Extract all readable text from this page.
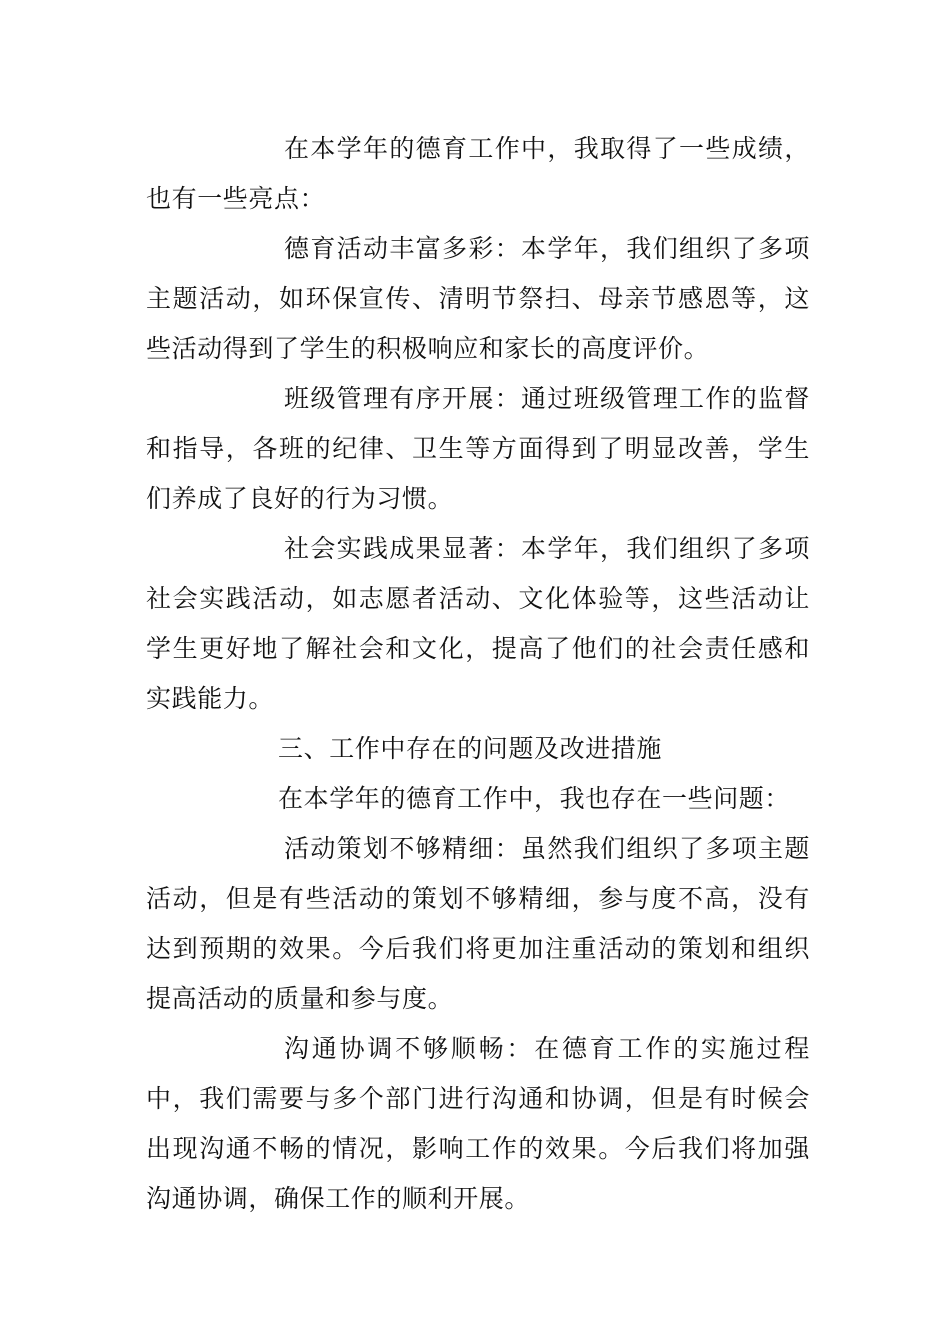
在本学年的德育工作中，我取得了一些成绩，也有一些亮点：

德育活动丰富多彩：本学年，我们组织了多项主题活动，如环保宣传、清明节祭扫、母亲节感恩等，这些活动得到了学生的积极响应和家长的高度评价。

班级管理有序开展：通过班级管理工作的监督和指导，各班的纪律、卫生等方面得到了明显改善，学生们养成了良好的行为习惯。

社会实践成果显著：本学年，我们组织了多项社会实践活动，如志愿者活动、文化体验等，这些活动让学生更好地了解社会和文化，提高了他们的社会责任感和实践能力。

三、工作中存在的问题及改进措施

在本学年的德育工作中，我也存在一些问题：

活动策划不够精细：虽然我们组织了多项主题活动，但是有些活动的策划不够精细，参与度不高，没有达到预期的效果。今后我们将更加注重活动的策划和组织提高活动的质量和参与度。

沟通协调不够顺畅：在德育工作的实施过程中，我们需要与多个部门进行沟通和协调，但是有时候会出现沟通不畅的情况，影响工作的效果。今后我们将加强沟通协调，确保工作的顺利开展。
